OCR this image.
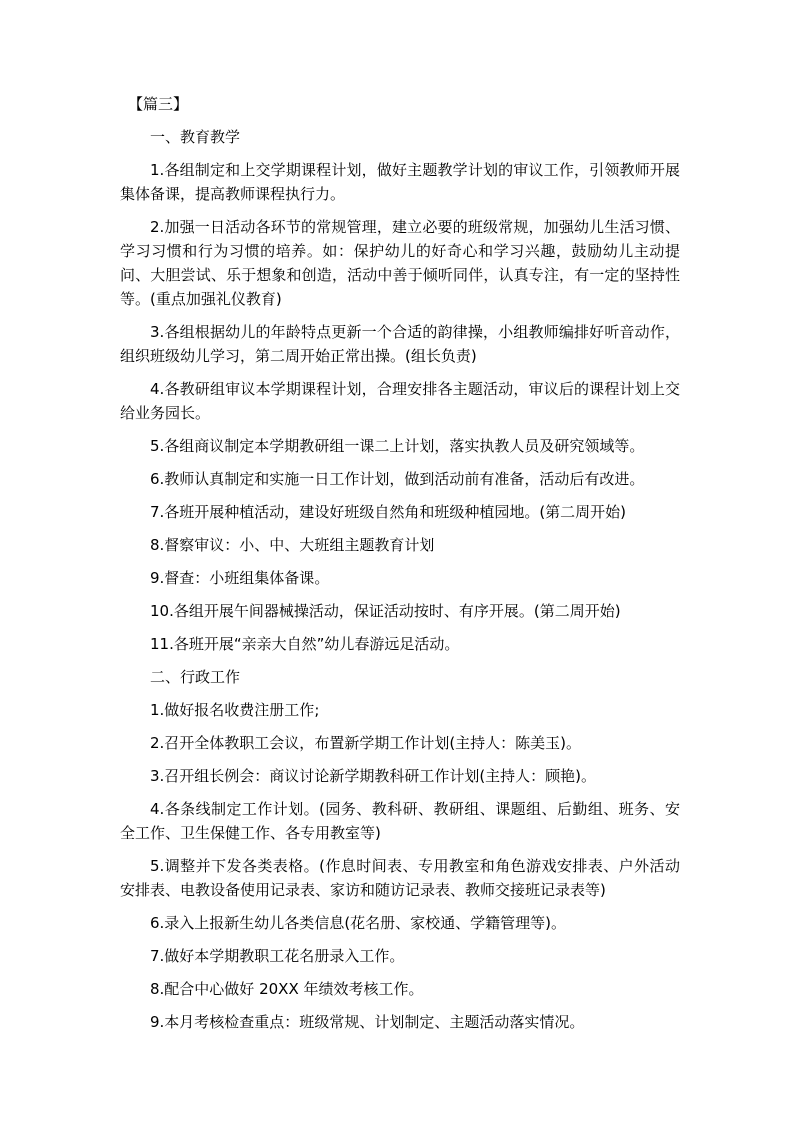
【篇三】

一、教育教学

1.各组制定和上交学期课程计划，做好主题教学计划的审议工作，引领教师开展集体备课，提高教师课程执行力。

2.加强一日活动各环节的常规管理，建立必要的班级常规，加强幼儿生活习惯、学习习惯和行为习惯的培养。如：保护幼儿的好奇心和学习兴趣，鼓励幼儿主动提问、大胆尝试、乐于想象和创造，活动中善于倾听同伴，认真专注，有一定的坚持性等。(重点加强礼仪教育)

3.各组根据幼儿的年龄特点更新一个合适的韵律操，小组教师编排好听音动作，组织班级幼儿学习，第二周开始正常出操。(组长负责)

4.各教研组审议本学期课程计划，合理安排各主题活动，审议后的课程计划上交给业务园长。

5.各组商议制定本学期教研组一课二上计划，落实执教人员及研究领域等。

6.教师认真制定和实施一日工作计划，做到活动前有准备，活动后有改进。

7.各班开展种植活动，建设好班级自然角和班级种植园地。(第二周开始)

8.督察审议：小、中、大班组主题教育计划

9.督查：小班组集体备课。

10.各组开展午间器械操活动，保证活动按时、有序开展。(第二周开始)

11.各班开展“亲亲大自然”幼儿春游远足活动。

二、行政工作

1.做好报名收费注册工作;

2.召开全体教职工会议，布置新学期工作计划(主持人：陈美玉)。

3.召开组长例会：商议讨论新学期教科研工作计划(主持人：顾艳)。

4.各条线制定工作计划。(园务、教科研、教研组、课题组、后勤组、班务、安全工作、卫生保健工作、各专用教室等)

5.调整并下发各类表格。(作息时间表、专用教室和角色游戏安排表、户外活动安排表、电教设备使用记录表、家访和随访记录表、教师交接班记录表等)

6.录入上报新生幼儿各类信息(花名册、家校通、学籍管理等)。

7.做好本学期教职工花名册录入工作。

8.配合中心做好 20XX 年绩效考核工作。

9.本月考核检查重点：班级常规、计划制定、主题活动落实情况。
